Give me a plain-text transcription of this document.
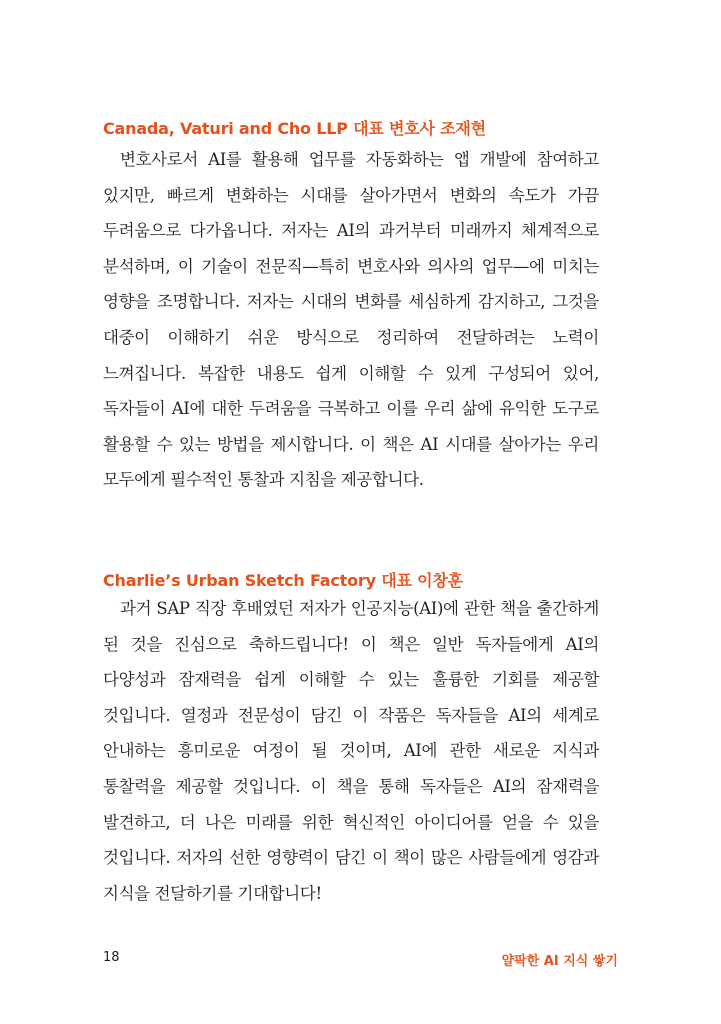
Canada, Vaturi and Cho LLP 대표 변호사 조재현

변호사로서 AI를 활용해 업무를 자동화하는 앱 개발에 참여하고 있지만, 빠르게 변화하는 시대를 살아가면서 변화의 속도가 가끔 두려움으로 다가옵니다. 저자는 AI의 과거부터 미래까지 체계적으로 분석하며, 이 기술이 전문직—특히 변호사와 의사의 업무—에 미치는 영향을 조명합니다. 저자는 시대의 변화를 세심하게 감지하고, 그것을 대중이 이해하기 쉬운 방식으로 정리하여 전달하려는 노력이 느껴집니다. 복잡한 내용도 쉽게 이해할 수 있게 구성되어 있어, 독자들이 AI에 대한 두려움을 극복하고 이를 우리 삶에 유익한 도구로 활용할 수 있는 방법을 제시합니다. 이 책은 AI 시대를 살아가는 우리 모두에게 필수적인 통찰과 지침을 제공합니다.

Charlie’s Urban Sketch Factory 대표 이창훈

과거 SAP 직장 후배였던 저자가 인공지능(AI)에 관한 책을 출간하게 된 것을 진심으로 축하드립니다! 이 책은 일반 독자들에게 AI의 다양성과 잠재력을 쉽게 이해할 수 있는 훌륭한 기회를 제공할 것입니다. 열정과 전문성이 담긴 이 작품은 독자들을 AI의 세계로 안내하는 흥미로운 여정이 될 것이며, AI에 관한 새로운 지식과 통찰력을 제공할 것입니다. 이 책을 통해 독자들은 AI의 잠재력을 발견하고, 더 나은 미래를 위한 혁신적인 아이디어를 얻을 수 있을 것입니다. 저자의 선한 영향력이 담긴 이 책이 많은 사람들에게 영감과 지식을 전달하기를 기대합니다!

18	얄팍한 AI 지식 쌓기
